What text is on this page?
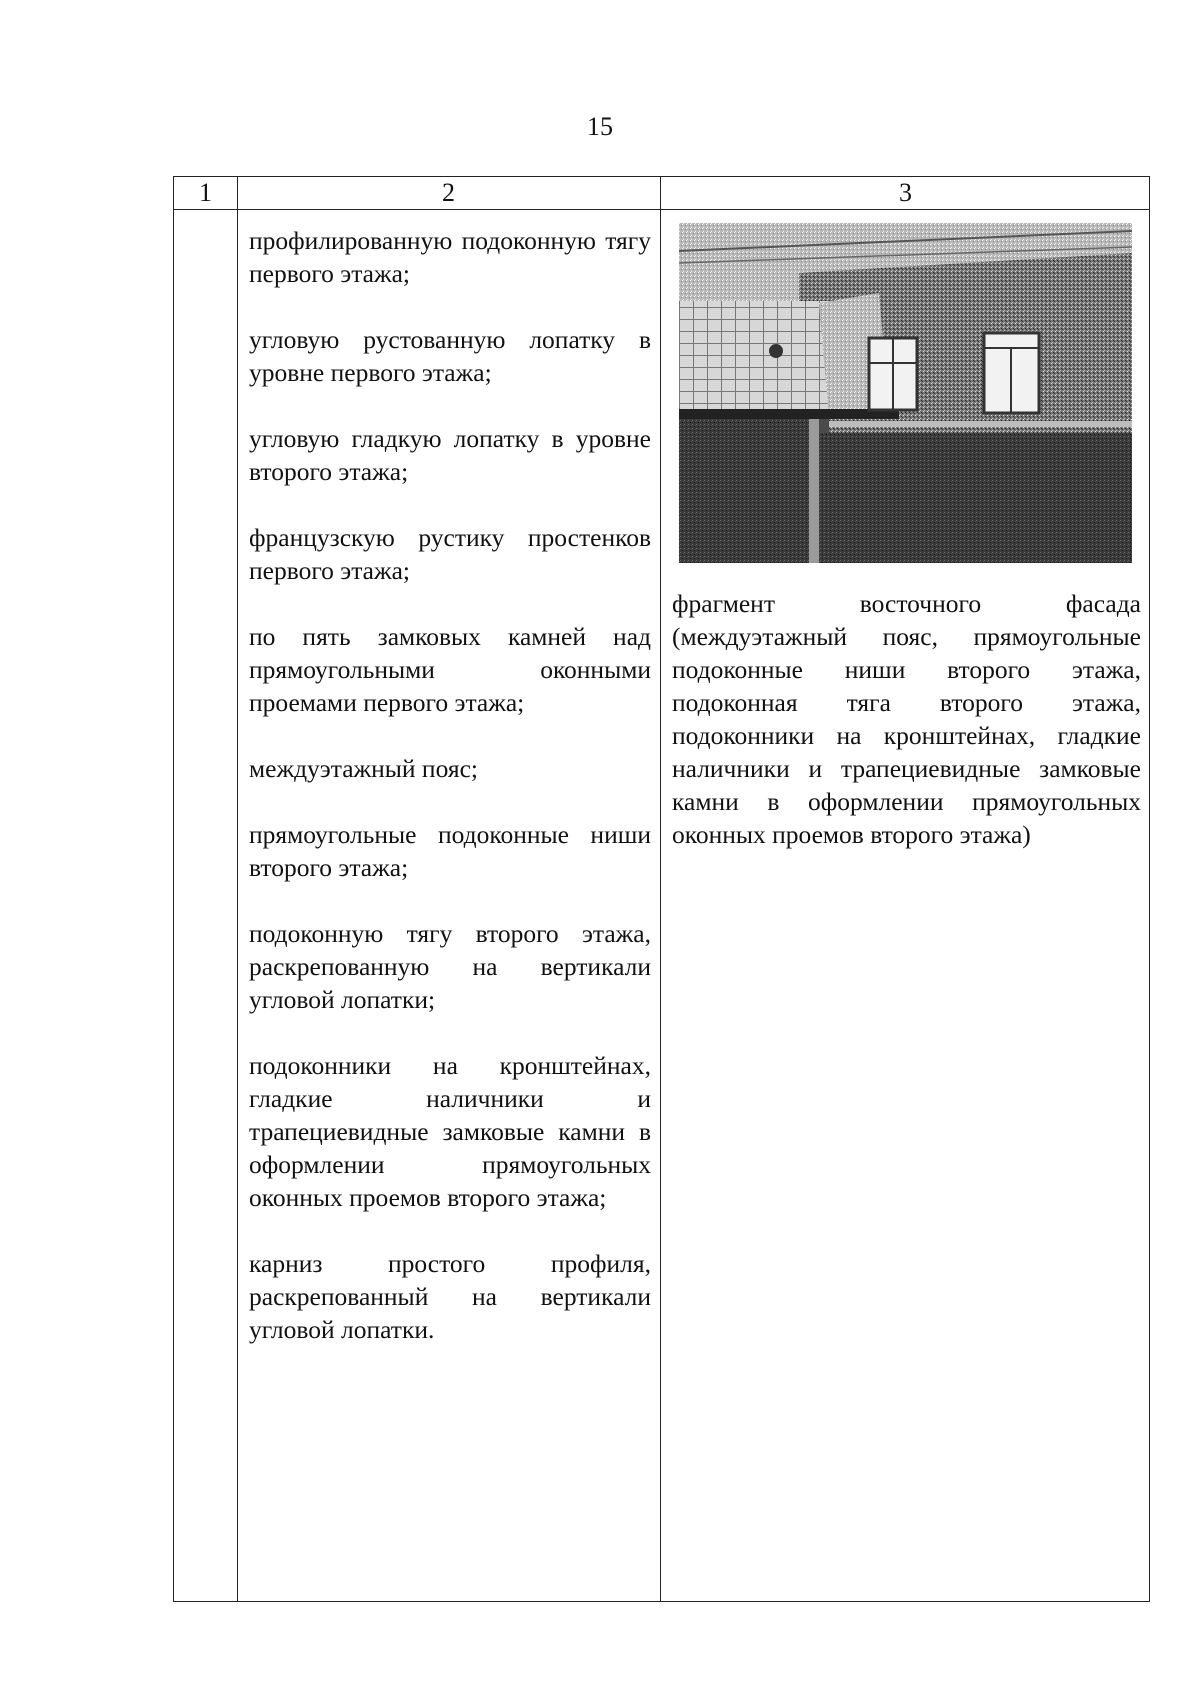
15
1	2	3

профилированную подоконную тягу первого этажа;

угловую рустованную лопатку в уровне первого этажа;

угловую гладкую лопатку в уровне второго этажа;

французскую рустику простенков первого этажа;

по пять замковых камней над прямоугольными оконными проемами первого этажа;

междуэтажный пояс;

прямоугольные подоконные ниши второго этажа;

подоконную тягу второго этажа, раскрепованную на вертикали угловой лопатки;

подоконники на кронштейнах, гладкие наличники и трапециевидные замковые камни в оформлении прямоугольных оконных проемов второго этажа;

карниз простого профиля, раскрепованный на вертикали угловой лопатки.

фрагмент восточного фасада (междуэтажный пояс, прямоугольные подоконные ниши второго этажа, подоконная тяга второго этажа, подоконники на кронштейнах, гладкие наличники и трапециевидные замковые камни в оформлении прямоугольных оконных проемов второго этажа)
